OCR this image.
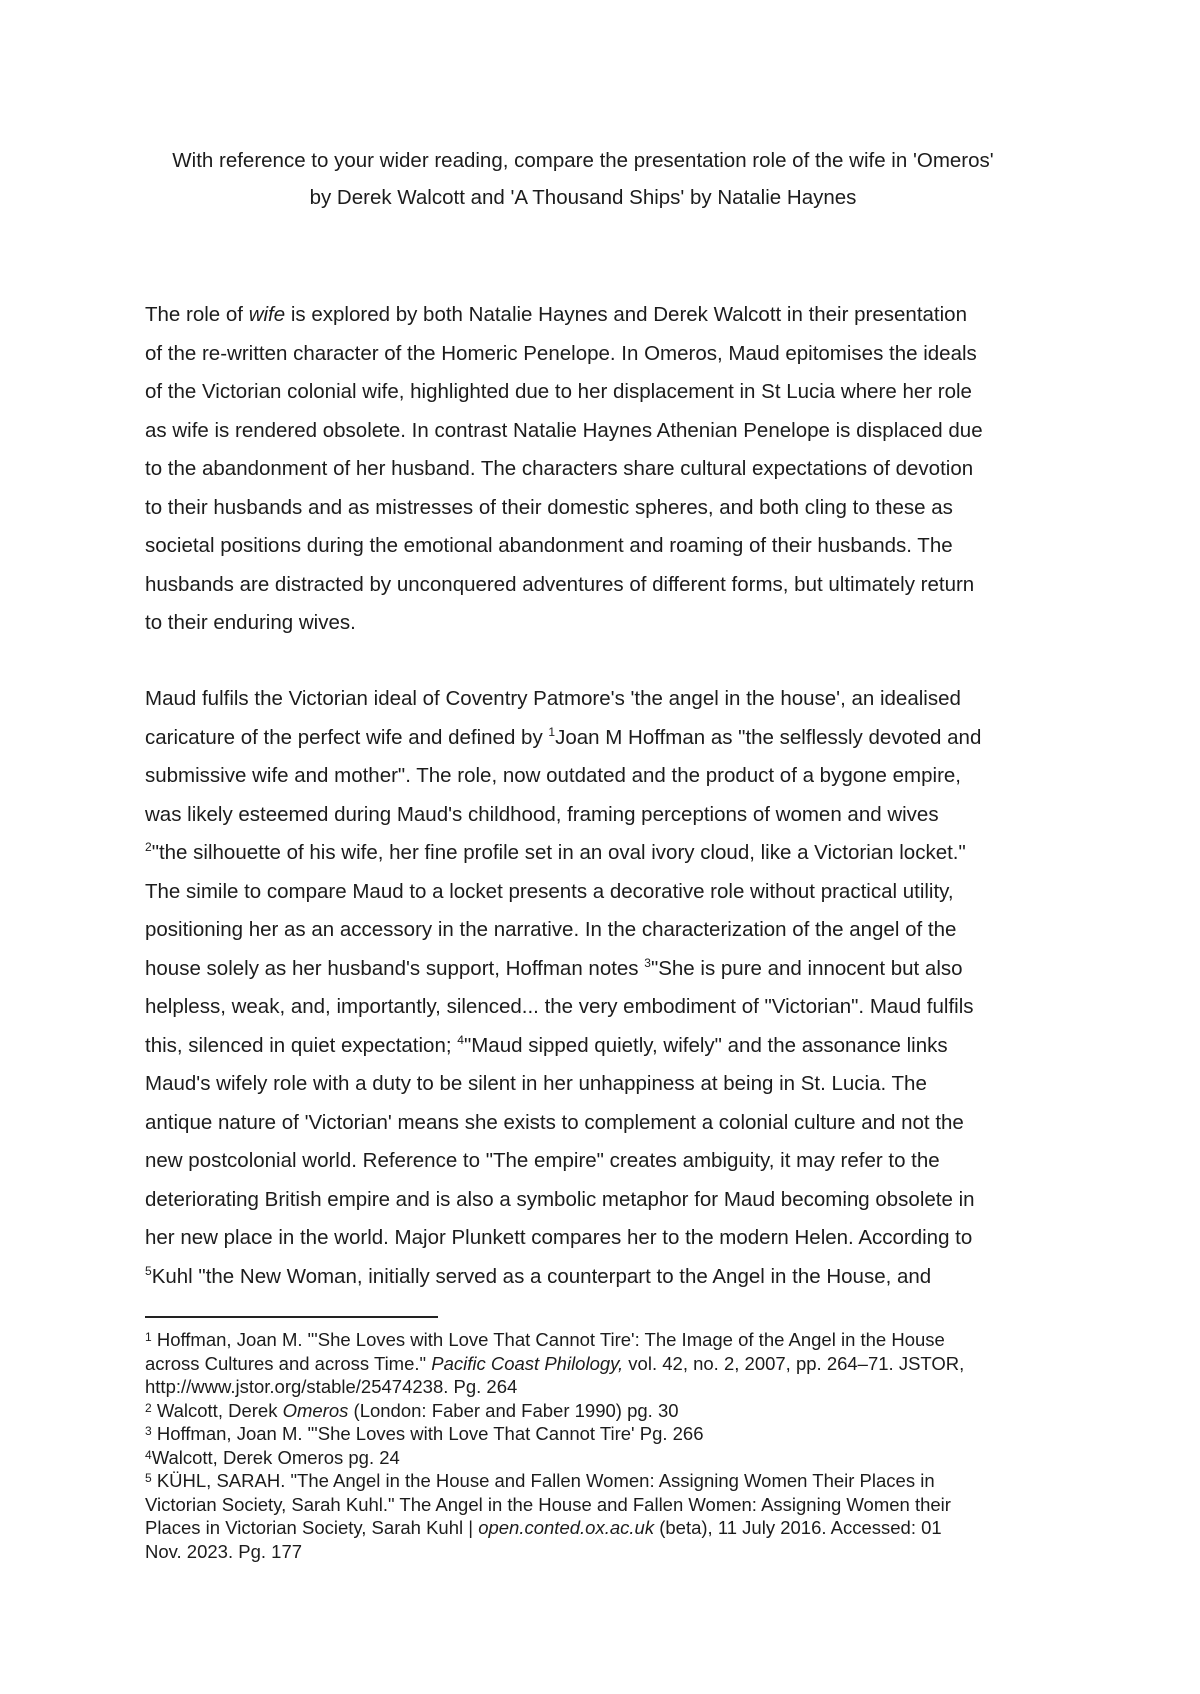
With reference to your wider reading, compare the presentation role of the wife in 'Omeros'
by Derek Walcott and 'A Thousand Ships' by Natalie Haynes
The role of wife is explored by both Natalie Haynes and Derek Walcott in their presentation
of the re-written character of the Homeric Penelope. In Omeros, Maud epitomises the ideals
of the Victorian colonial wife, highlighted due to her displacement in St Lucia where her role
as wife is rendered obsolete. In contrast Natalie Haynes Athenian Penelope is displaced due
to the abandonment of her husband. The characters share cultural expectations of devotion
to their husbands and as mistresses of their domestic spheres, and both cling to these as
societal positions during the emotional abandonment and roaming of their husbands. The
husbands are distracted by unconquered adventures of different forms, but ultimately return
to their enduring wives.
Maud fulfils the Victorian ideal of Coventry Patmore's 'the angel in the house', an idealised
caricature of the perfect wife and defined by $^1$Joan M Hoffman as "the selflessly devoted and
submissive wife and mother". The role, now outdated and the product of a bygone empire,
was likely esteemed during Maud's childhood, framing perceptions of women and wives
$^2$"the silhouette of his wife, her fine profile set in an oval ivory cloud, like a Victorian locket."
The simile to compare Maud to a locket presents a decorative role without practical utility,
positioning her as an accessory in the narrative. In the characterization of the angel of the
house solely as her husband's support, Hoffman notes $^3$"She is pure and innocent but also
helpless, weak, and, importantly, silenced... the very embodiment of "Victorian". Maud fulfils
this, silenced in quiet expectation; $^4$"Maud sipped quietly, wifely" and the assonance links
Maud's wifely role with a duty to be silent in her unhappiness at being in St. Lucia. The
antique nature of 'Victorian' means she exists to complement a colonial culture and not the
new postcolonial world. Reference to "The empire" creates ambiguity, it may refer to the
deteriorating British empire and is also a symbolic metaphor for Maud becoming obsolete in
her new place in the world. Major Plunkett compares her to the modern Helen. According to
$^5$Kuhl "the New Woman, initially served as a counterpart to the Angel in the House, and
$^1$ Hoffman, Joan M. "'She Loves with Love That Cannot Tire': The Image of the Angel in the House
across Cultures and across Time." Pacific Coast Philology, vol. 42, no. 2, 2007, pp. 264–71. JSTOR,
http://www.jstor.org/stable/25474238. Pg. 264
$^2$ Walcott, Derek Omeros (London: Faber and Faber 1990) pg. 30
$^3$ Hoffman, Joan M. "'She Loves with Love That Cannot Tire' Pg. 266
$^4$Walcott, Derek Omeros pg. 24
$^5$ KÜHL, SARAH. "The Angel in the House and Fallen Women: Assigning Women Their Places in
Victorian Society, Sarah Kuhl." The Angel in the House and Fallen Women: Assigning Women their
Places in Victorian Society, Sarah Kuhl | open.conted.ox.ac.uk (beta), 11 July 2016. Accessed: 01
Nov. 2023. Pg. 177
